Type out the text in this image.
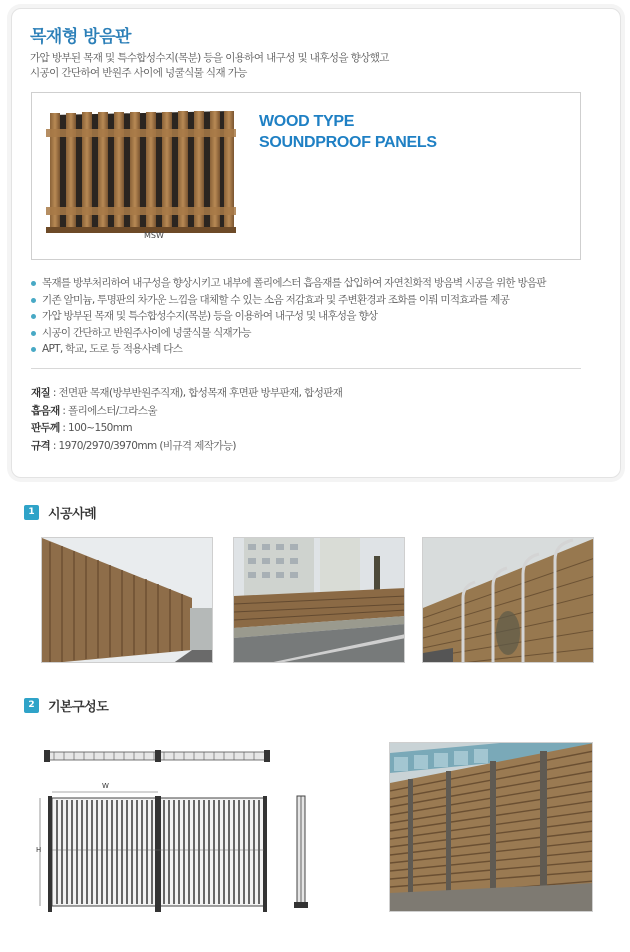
목재형 방음판
가압 방부된 목재 및 특수합성수지(목분) 등을 이용하여 내구성 및 내후성을 향상했고
시공이 간단하여 반원주 사이에 넝쿨식물 식재 가능
MSW
WOOD TYPE
SOUNDPROOF PANELS
목재를 방부처리하여 내구성을 향상시키고 내부에 폴리에스터 흡음재를 삽입하여 자연친화적 방음벽 시공을 위한 방음판
기존 알미늄, 투명판의 차가운 느낌을 대체할 수 있는 소음 저감효과 및 주변환경과 조화를 이뤄 미적효과를 제공
가압 방부된 목재 및 특수합성수지(목분) 등을 이용하여 내구성 및 내후성을 향상
시공이 간단하고 반원주사이에 넝쿨식물 식재가능
APT, 학교, 도로 등 적용사례 다스
재질 : 전면판 목재(방부반원주직재), 합성목재 후면판 방부판재, 합성판재
흡음재 : 폴리에스터/그라스울
판두께 : 100~150mm
규격 : 1970/2970/3970mm (비규격 제작가능)
1	시공사례
2	기본구성도
W
H
